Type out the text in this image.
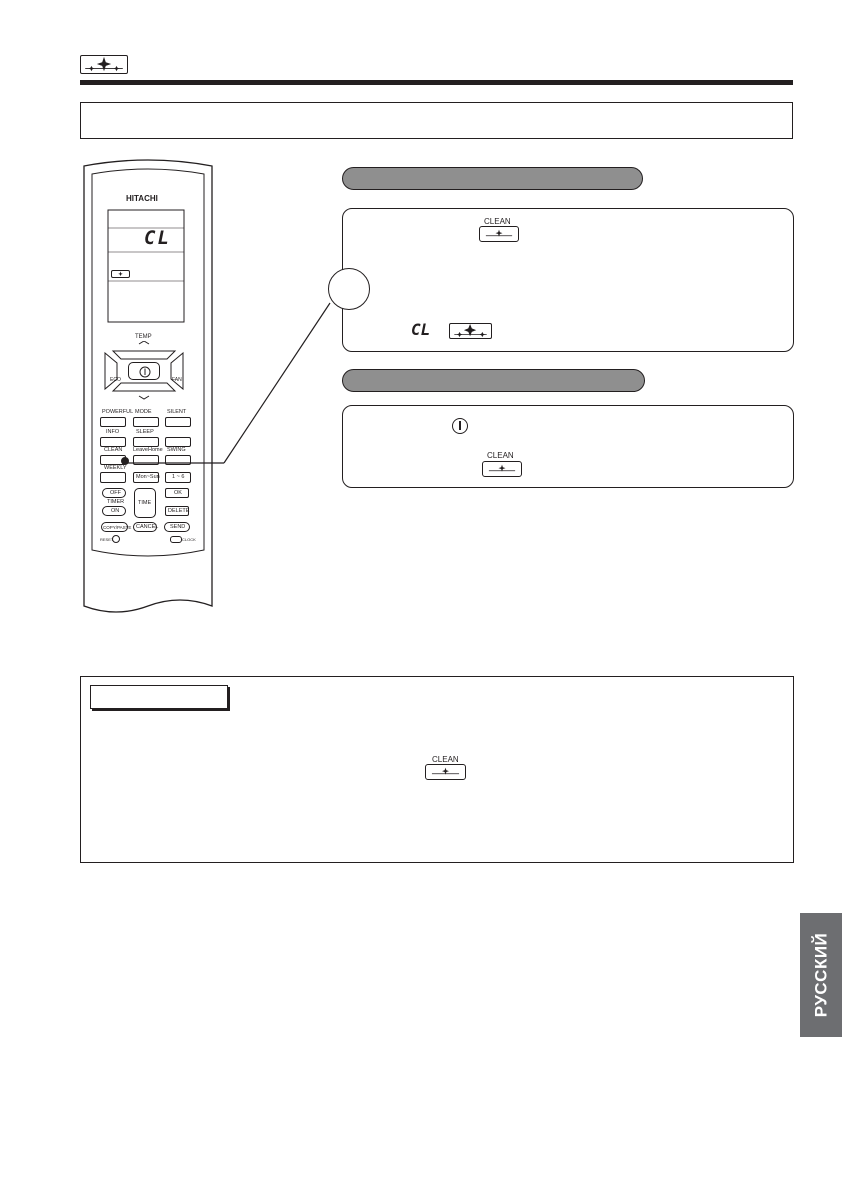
HITACHI
CL
TEMP
ECO	FAN
POWERFUL MODE	SILENT
INFO	SLEEP
CLEAN LeaveHome SWING
WEEKLY
Mon~Sun 1 ~ 6
OFF
TIMER
ON
TIME
OK
DELETE
COPY/PASTE CANCEL SEND
RESET	CLOCK
CLEAN
CL
CLEAN
CLEAN
РУССКИЙ
